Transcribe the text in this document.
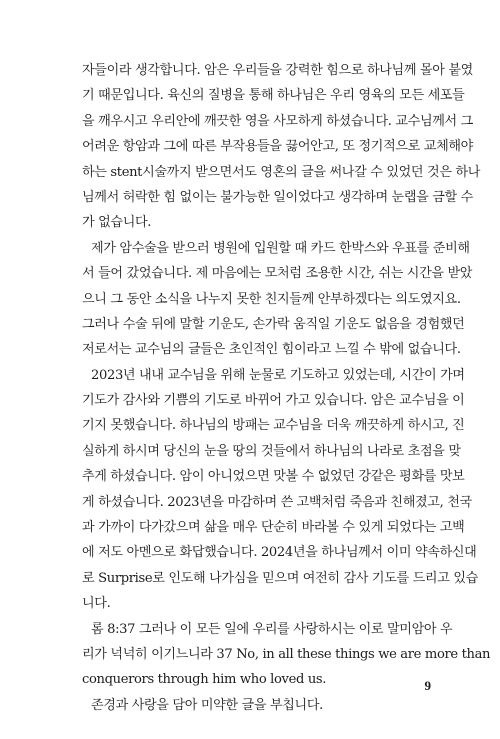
자들이라 생각합니다. 암은 우리들을 강력한 힘으로 하나님께 몰아 붙였
기 때문입니다. 육신의 질병을 통해 하나님은 우리 영육의 모든 세포들
을 깨우시고 우리안에 깨끗한 영을 사모하게 하셨습니다. 교수님께서 그
어려운 항암과 그에 따른 부작용들을 끓어안고, 또 정기적으로 교체해야
하는 stent시술까지 받으면서도 영혼의 글을 써나갈 수 있었던 것은 하나
님께서 허락한 힘 없이는 불가능한 일이었다고 생각하며 눈랩을 금할 수
가 없습니다.
제가 암수술을 받으러 병원에 입원할 때 카드 한박스와 우표를 준비해
서 들어 갔었습니다. 제 마음에는 모처럼 조용한 시간, 쉬는 시간을 받았
으니 그 동안 소식을 나누지 못한 친지들께 안부하겠다는 의도였지요.
그러나 수술 뒤에 말할 기운도, 손가락 움직일 기운도 없음을 경험했던
저로서는 교수님의 글들은 초인적인 힘이라고 느낄 수 밖에 없습니다.
2023년 내내 교수님을 위해 눈물로 기도하고 있었는데, 시간이 가며
기도가 감사와 기쁨의 기도로 바뀌어 가고 있습니다. 암은 교수님을 이
기지 못했습니다. 하나님의 방패는 교수님을 더욱 깨끗하게 하시고, 진
실하게 하시며 당신의 눈을 땅의 것들에서 하나님의 나라로 초점을 맞
추게 하셨습니다. 암이 아니었으면 맛볼 수 없었던 강같은 평화를 맛보
게 하셨습니다. 2023년을 마감하며 쓴 고백처럼 죽음과 친해졌고, 천국
과 가까이 다가갔으며 삶을 매우 단순히 바라볼 수 있게 되었다는 고백
에 저도 아멘으로 화답했습니다. 2024년을 하나님께서 이미 약속하신대
로 Surprise로 인도해 나가심을 믿으며 여전히 감사 기도를 드리고 있습
니다.
롬 8:37 그러나 이 모든 일에 우리를 사랑하시는 이로 말미암아 우
리가 넉넉히 이기느니라 37 No, in all these things we are more than
conquerors through him who loved us.
존경과 사랑을 담아 미약한 글을 부칩니다.
9
